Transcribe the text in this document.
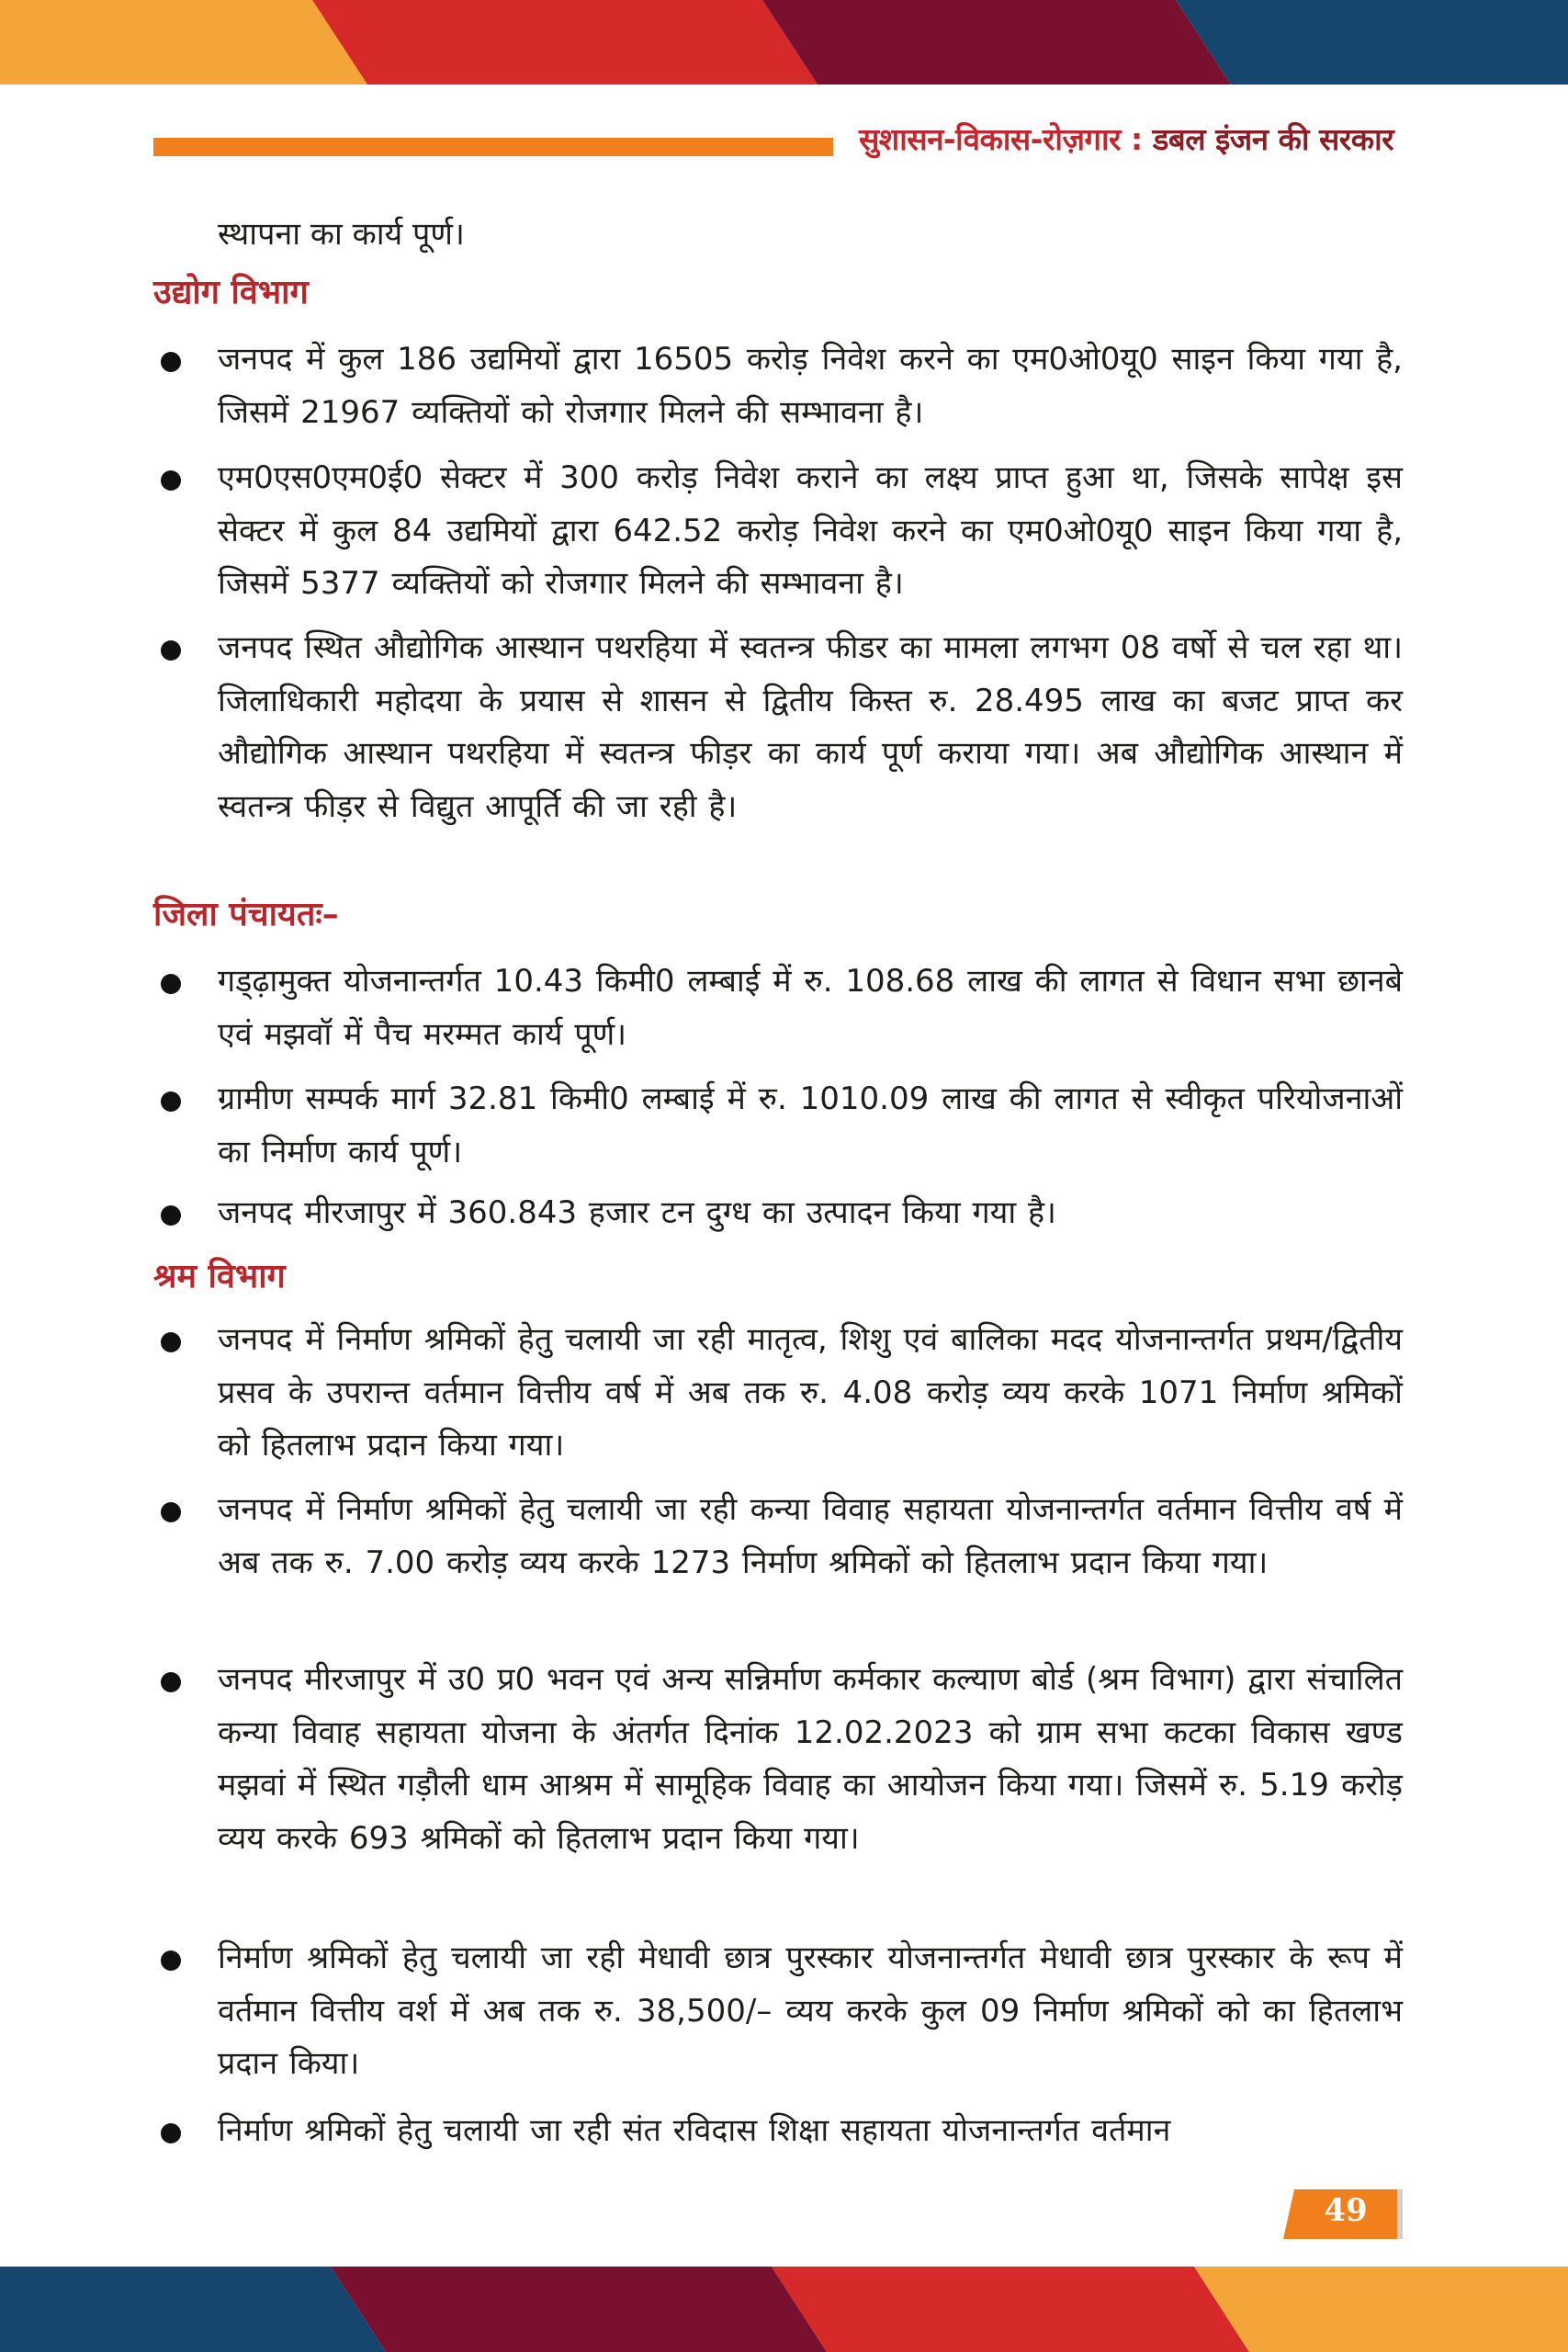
सुशासन-विकास-रोज़गार : डबल इंजन की सरकार
स्थापना का कार्य पूर्ण।
उद्योग विभाग
जनपद में कुल 186 उद्यमियों द्वारा 16505 करोड़ निवेश करने का एम0ओ0यू0 साइन किया गया है, जिसमें 21967 व्यक्तियों को रोजगार मिलने की सम्भावना है।
एम0एस0एम0ई0 सेक्टर में 300 करोड़ निवेश कराने का लक्ष्य प्राप्त हुआ था, जिसके सापेक्ष इस सेक्टर में कुल 84 उद्यमियों द्वारा 642.52 करोड़ निवेश करने का एम0ओ0यू0 साइन किया गया है, जिसमें 5377 व्यक्तियों को रोजगार मिलने की सम्भावना है।
जनपद स्थित औद्योगिक आस्थान पथरहिया में स्वतन्त्र फीडर का मामला लगभग 08 वर्षो से चल रहा था। जिलाधिकारी महोदया के प्रयास से शासन से द्वितीय किस्त रु. 28.495 लाख का बजट प्राप्त कर औद्योगिक आस्थान पथरहिया में स्वतन्त्र फीड़र का कार्य पूर्ण कराया गया। अब औद्योगिक आस्थान में स्वतन्त्र फीड़र से विद्युत आपूर्ति की जा रही है।
जिला पंचायतः–
गड्ढ़ामुक्त योजनान्तर्गत 10.43 किमी0 लम्बाई में रु. 108.68 लाख की लागत से विधान सभा छानबे एवं मझवॉ में पैच मरम्मत कार्य पूर्ण।
ग्रामीण सम्पर्क मार्ग 32.81 किमी0 लम्बाई में रु. 1010.09 लाख की लागत से स्वीकृत परियोजनाओं का निर्माण कार्य पूर्ण।
जनपद मीरजापुर में 360.843 हजार टन दुग्ध का उत्पादन किया गया है।
श्रम विभाग
जनपद में निर्माण श्रमिकों हेतु चलायी जा रही मातृत्व, शिशु एवं बालिका मदद योजनान्तर्गत प्रथम/द्वितीय प्रसव के उपरान्त वर्तमान वित्तीय वर्ष में अब तक रु. 4.08 करोड़ व्यय करके 1071 निर्माण श्रमिकों को हितलाभ प्रदान किया गया।
जनपद में निर्माण श्रमिकों हेतु चलायी जा रही कन्या विवाह सहायता योजनान्तर्गत वर्तमान वित्तीय वर्ष में अब तक रु. 7.00 करोड़ व्यय करके 1273 निर्माण श्रमिकों को हितलाभ प्रदान किया गया।
जनपद मीरजापुर में उ0 प्र0 भवन एवं अन्य सन्निर्माण कर्मकार कल्याण बोर्ड (श्रम विभाग) द्वारा संचालित कन्या विवाह सहायता योजना के अंतर्गत दिनांक 12.02.2023 को ग्राम सभा कटका विकास खण्ड मझवां में स्थित गड़ौली धाम आश्रम में सामूहिक विवाह का आयोजन किया गया। जिसमें रु. 5.19 करोड़ व्यय करके 693 श्रमिकों को हितलाभ प्रदान किया गया।
निर्माण श्रमिकों हेतु चलायी जा रही मेधावी छात्र पुरस्कार योजनान्तर्गत मेधावी छात्र पुरस्कार के रूप में वर्तमान वित्तीय वर्श में अब तक रु. 38,500/– व्यय करके कुल 09 निर्माण श्रमिकों को का हितलाभ प्रदान किया।
निर्माण श्रमिकों हेतु चलायी जा रही संत रविदास शिक्षा सहायता योजनान्तर्गत वर्तमान
49
